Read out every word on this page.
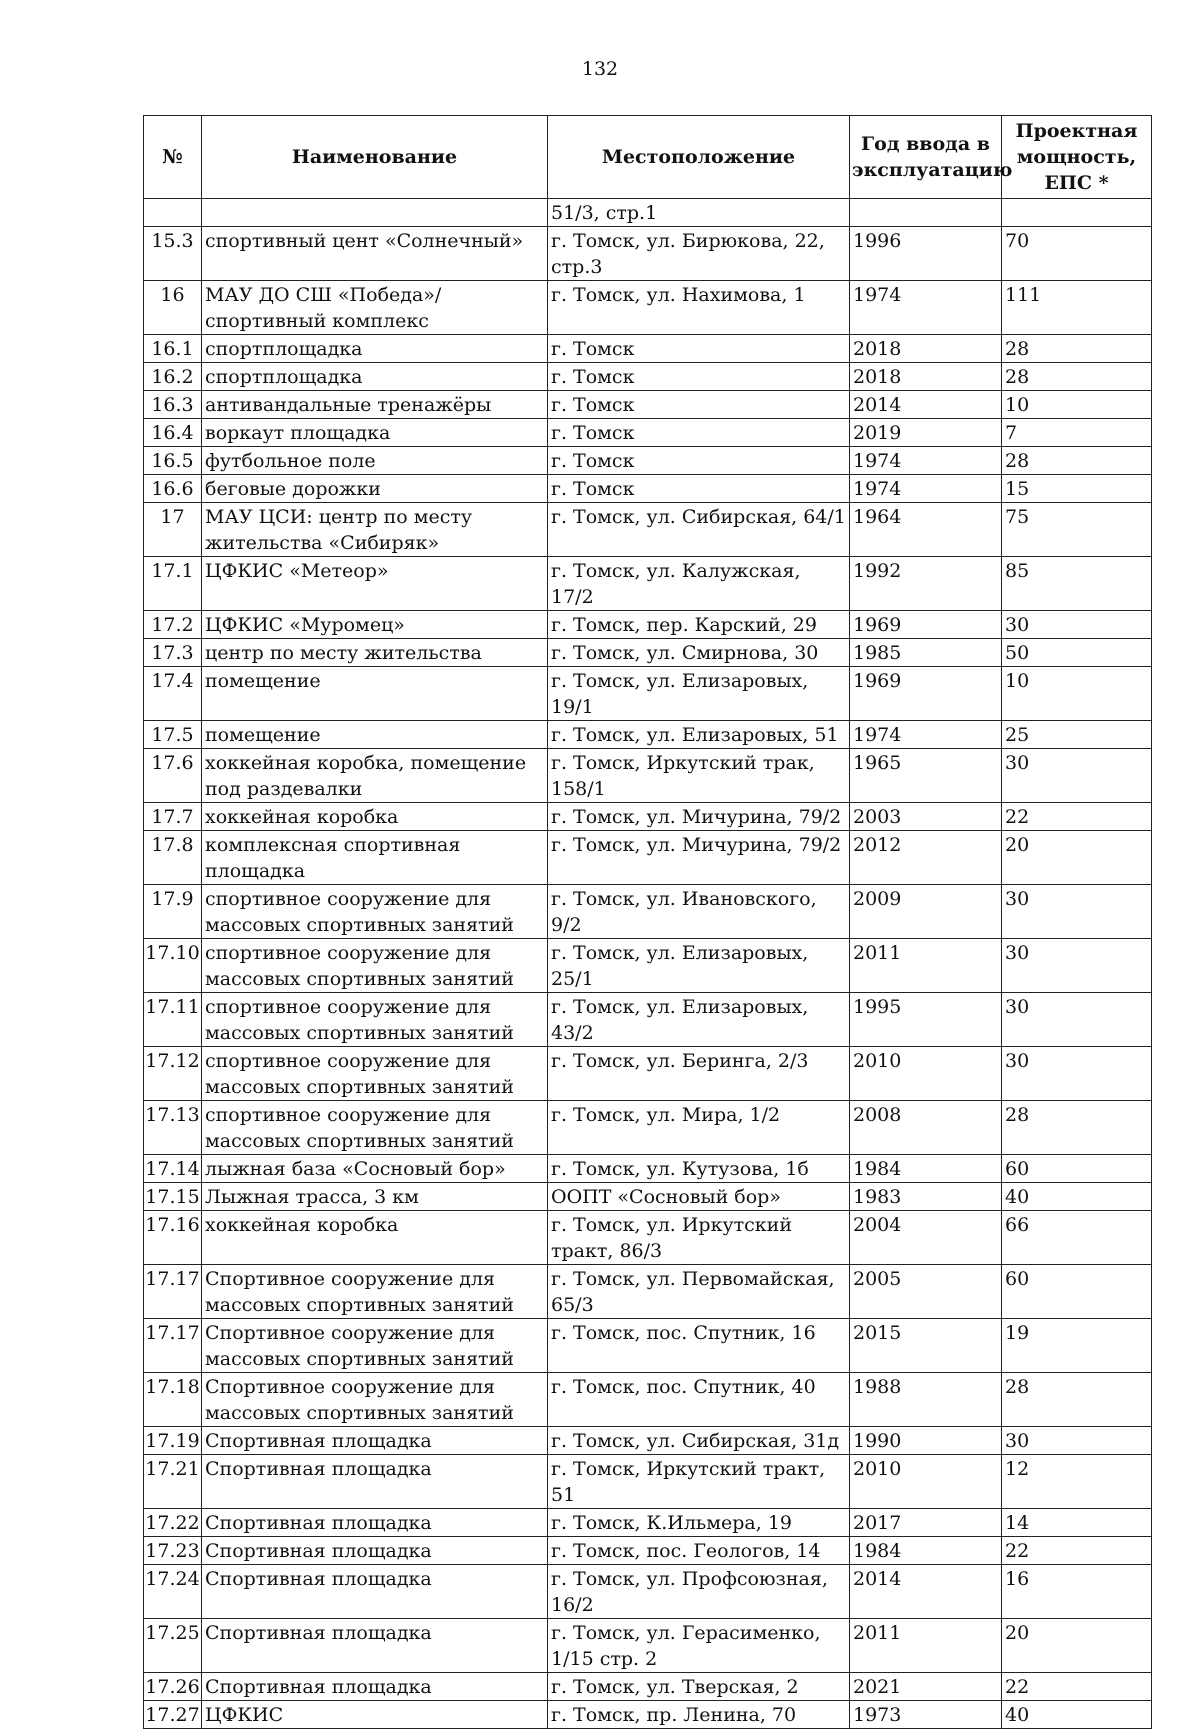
132
№	Наименование	Местоположение	Год ввода в эксплуатацию	Проектная мощность, ЕПС *
		51/3, стр.1		
15.3	спортивный цент «Солнечный»	г. Томск, ул. Бирюкова, 22, стр.3	1996	70
16	МАУ ДО СШ «Победа»/спортивный комплекс	г. Томск, ул. Нахимова, 1	1974	111
16.1	спортплощадка	г. Томск	2018	28
16.2	спортплощадка	г. Томск	2018	28
16.3	антивандальные тренажёры	г. Томск	2014	10
16.4	воркаут площадка	г. Томск	2019	7
16.5	футбольное поле	г. Томск	1974	28
16.6	беговые дорожки	г. Томск	1974	15
17	МАУ ЦСИ: центр по месту жительства «Сибиряк»	г. Томск, ул. Сибирская, 64/1	1964	75
17.1	ЦФКИС «Метеор»	г. Томск, ул. Калужская, 17/2	1992	85
17.2	ЦФКИС «Муромец»	г. Томск, пер. Карский, 29	1969	30
17.3	центр по месту жительства	г. Томск, ул. Смирнова, 30	1985	50
17.4	помещение	г. Томск, ул. Елизаровых, 19/1	1969	10
17.5	помещение	г. Томск, ул. Елизаровых, 51	1974	25
17.6	хоккейная коробка, помещение под раздевалки	г. Томск, Иркутский трак, 158/1	1965	30
17.7	хоккейная коробка	г. Томск, ул. Мичурина, 79/2	2003	22
17.8	комплексная спортивная площадка	г. Томск, ул. Мичурина, 79/2	2012	20
17.9	спортивное сооружение для массовых спортивных занятий	г. Томск, ул. Ивановского, 9/2	2009	30
17.10	спортивное сооружение для массовых спортивных занятий	г. Томск, ул. Елизаровых, 25/1	2011	30
17.11	спортивное сооружение для массовых спортивных занятий	г. Томск, ул. Елизаровых, 43/2	1995	30
17.12	спортивное сооружение для массовых спортивных занятий	г. Томск, ул. Беринга, 2/3	2010	30
17.13	спортивное сооружение для массовых спортивных занятий	г. Томск, ул. Мира, 1/2	2008	28
17.14	лыжная база «Сосновый бор»	г. Томск, ул. Кутузова, 1б	1984	60
17.15	Лыжная трасса, 3 км	ООПТ «Сосновый бор»	1983	40
17.16	хоккейная коробка	г. Томск, ул. Иркутский тракт, 86/3	2004	66
17.17	Спортивное сооружение для массовых спортивных занятий	г. Томск, ул. Первомайская, 65/3	2005	60
17.17	Спортивное сооружение для массовых спортивных занятий	г. Томск, пос. Спутник, 16	2015	19
17.18	Спортивное сооружение для массовых спортивных занятий	г. Томск, пос. Спутник, 40	1988	28
17.19	Спортивная площадка	г. Томск, ул. Сибирская, 31д	1990	30
17.21	Спортивная площадка	г. Томск, Иркутский тракт, 51	2010	12
17.22	Спортивная площадка	г. Томск, К.Ильмера, 19	2017	14
17.23	Спортивная площадка	г. Томск, пос. Геологов, 14	1984	22
17.24	Спортивная площадка	г. Томск, ул. Профсоюзная, 16/2	2014	16
17.25	Спортивная площадка	г. Томск, ул. Герасименко, 1/15 стр. 2	2011	20
17.26	Спортивная площадка	г. Томск, ул. Тверская, 2	2021	22
17.27	ЦФКИС	г. Томск, пр. Ленина, 70	1973	40
